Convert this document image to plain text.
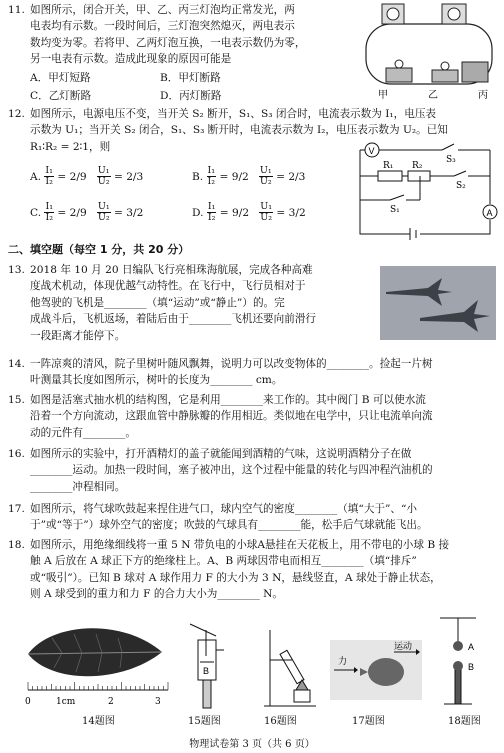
11. 如图所示，闭合开关，甲、乙、丙三灯泡均正常发光，两
电表均有示数。一段时间后，三灯泡突然熄灭，两电表示
数均变为零。若将甲、乙两灯泡互换，一电表示数仍为零，
另一电表有示数。造成此现象的原因可能是
A．甲灯短路	B．甲灯断路
C．乙灯断路	D．丙灯断路	甲	乙	丙
12. 如图所示，电源电压不变，当开关 S₂ 断开，S₁、S₃ 闭合时，电流表示数为 I₁，电压表
示数为 U₁；当开关 S₂ 闭合，S₁、S₃ 断开时，电流表示数为 I₂，电压表示数为 U₂。已知
R₁∶R₂ = 2∶1，则
A. $\frac{\text{I₁}}{\text{I₂}} = 2/9 \frac{\text{U₁}}{\text{U₂}} = 2/3$	B. $\frac{\text{I₁}}{\text{I₂}} = 9/2 \frac{\text{U₁}}{\text{U₂}} = 2/3$
C. $\frac{\text{I₁}}{\text{I₂}} = 2/9 \frac{\text{U₁}}{\text{U₂}} = 3/2$	D. $\frac{\text{I₁}}{\text{I₂}} = 9/2 \frac{\text{U₁}}{\text{U₂}} = 3/2$
V
A
R₁ R₂
S₁
S₂
S₃
二、填空题（每空 1 分，共 20 分）
13. 2018 年 10 月 20 日编队飞行亮相珠海航展，完成各种高难
度战术机动，体现优越气动特性。在飞行中，飞行员相对于
他驾驶的飞机是________（填“运动”或“静止”）的。完
成战斗后，飞机返场，着陆后由于________飞机还要向前滑行
一段距离才能停下。
14. 一阵凉爽的清风，院子里树叶随风飘舞，说明力可以改变物体的________。捡起一片树
叶测量其长度如图所示，树叶的长度为________ cm。
15. 如图是活塞式抽水机的结构图，它是利用________来工作的。其中阀门 B 可以使水流
沿着一个方向流动，这跟血管中静脉瓣的作用相近。类似地在电学中，只让电流单向流
动的元件有________。
16. 如图所示的实验中，打开酒精灯的盖子就能闻到酒精的气味，这说明酒精分子在做
________运动。加热一段时间，塞子被冲出，这个过程中能量的转化与四冲程汽油机的
________冲程相同。
17. 如图所示，将气球吹鼓起来捏住进气口，球内空气的密度________（填“大于”、“小
于”或“等于”）球外空气的密度；吹鼓的气球具有________能，松手后气球就能飞出。
18. 如图所示，用绝缘细线将一重 5 N 带负电的小球A悬挂在天花板上，用不带电的小球 B 接
触 A 后放在 A 球正下方的绝缘柱上。A、B 两球因带电而相互________（填“排斥”
或“吸引”）。已知 B 球对 A 球作用力 F 的大小为 3 N，悬线竖直，A 球处于静止状态，
则 A 球受到的重力和力 F 的合力大小为________ N。
0	1cm	2	3
B
力
运动	A
B
14题图	15题图	16题图	17题图	18题图
物理试卷第 3 页（共 6 页）
